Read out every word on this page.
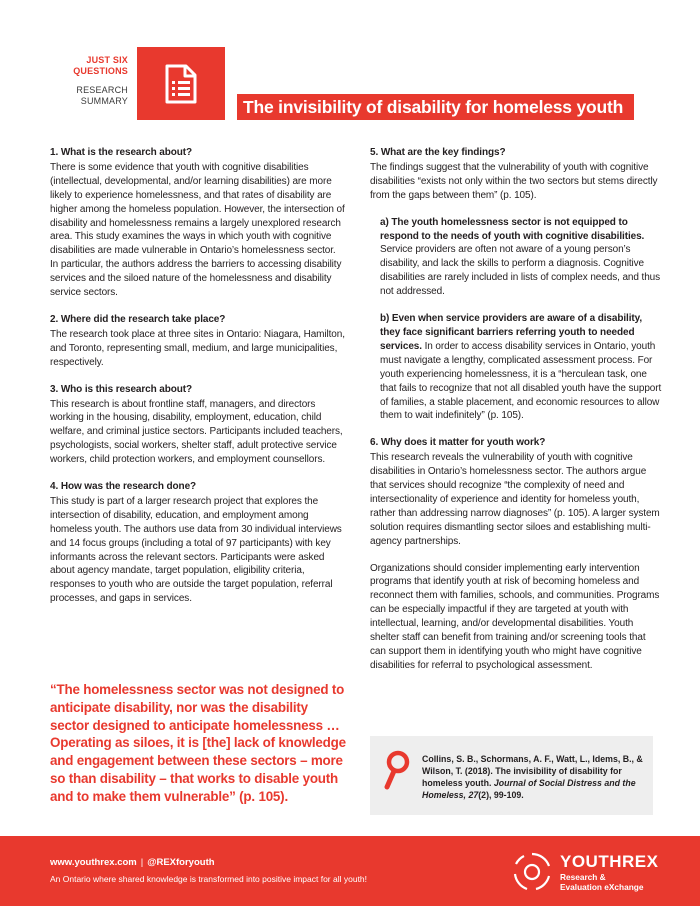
JUST SIX
QUESTIONS
RESEARCH
SUMMARY	The invisibility of disability for homeless youth
1. What is the research about?
There is some evidence that youth with cognitive disabilities (intellectual, developmental, and/or learning disabilities) are more likely to experience homelessness, and that rates of disability are higher among the homeless population. However, the intersection of disability and homelessness remains a largely unexplored research area. This study examines the ways in which youth with cognitive disabilities are made vulnerable in Ontario’s homelessness sector. In particular, the authors address the barriers to accessing disability services and the siloed nature of the homelessness and disability service sectors.
2. Where did the research take place?
The research took place at three sites in Ontario: Niagara, Hamilton, and Toronto, representing small, medium, and large municipalities, respectively.
3. Who is this research about?
This research is about frontline staff, managers, and directors working in the housing, disability, employment, education, child welfare, and criminal justice sectors. Participants included teachers, psychologists, social workers, shelter staff, adult protective service workers, child protection workers, and employment counsellors.
4. How was the research done?
This study is part of a larger research project that explores the intersection of disability, education, and employment among homeless youth. The authors use data from 30 individual interviews and 14 focus groups (including a total of 97 participants) with key informants across the relevant sectors. Participants were asked about agency mandate, target population, eligibility criteria, responses to youth who are outside the target population, referral processes, and gaps in services.
“The homelessness sector was not designed to anticipate disability, nor was the disability sector designed to anticipate homelessness … Operating as siloes, it is [the] lack of knowledge and engagement between these sectors – more so than disability – that works to disable youth and to make them vulnerable” (p. 105).
5. What are the key findings?
The findings suggest that the vulnerability of youth with cognitive disabilities “exists not only within the two sectors but stems directly from the gaps between them” (p. 105).
a) The youth homelessness sector is not equipped to respond to the needs of youth with cognitive disabilities. Service providers are often not aware of a young person’s disability, and lack the skills to perform a diagnosis. Cognitive disabilities are rarely included in lists of complex needs, and thus not addressed.
b) Even when service providers are aware of a disability, they face significant barriers referring youth to needed services. In order to access disability services in Ontario, youth must navigate a lengthy, complicated assessment process. For youth experiencing homelessness, it is a “herculean task, one that fails to recognize that not all disabled youth have the support of families, a stable placement, and economic resources to allow them to wait indefinitely” (p. 105).
6. Why does it matter for youth work?
This research reveals the vulnerability of youth with cognitive disabilities in Ontario’s homelessness sector. The authors argue that services should recognize “the complexity of need and intersectionality of experience and identity for homeless youth, rather than addressing narrow diagnoses” (p. 105). A larger system solution requires dismantling sector siloes and establishing multi-agency partnerships.
Organizations should consider implementing early intervention programs that identify youth at risk of becoming homeless and reconnect them with families, schools, and communities. Programs can be especially impactful if they are targeted at youth with intellectual, learning, and/or developmental disabilities. Youth shelter staff can benefit from training and/or screening tools that can support them in identifying youth who might have cognitive disabilities for referral to psychological assessment.
Collins, S. B., Schormans, A. F., Watt, L., Idems, B., & Wilson, T. (2018). The invisibility of disability for homeless youth. Journal of Social Distress and the Homeless, 27(2), 99-109.
www.youthrex.com | @REXforyouth
An Ontario where shared knowledge is transformed into positive impact for all youth!
YOUTHREX
Research &
Evaluation eXchange
